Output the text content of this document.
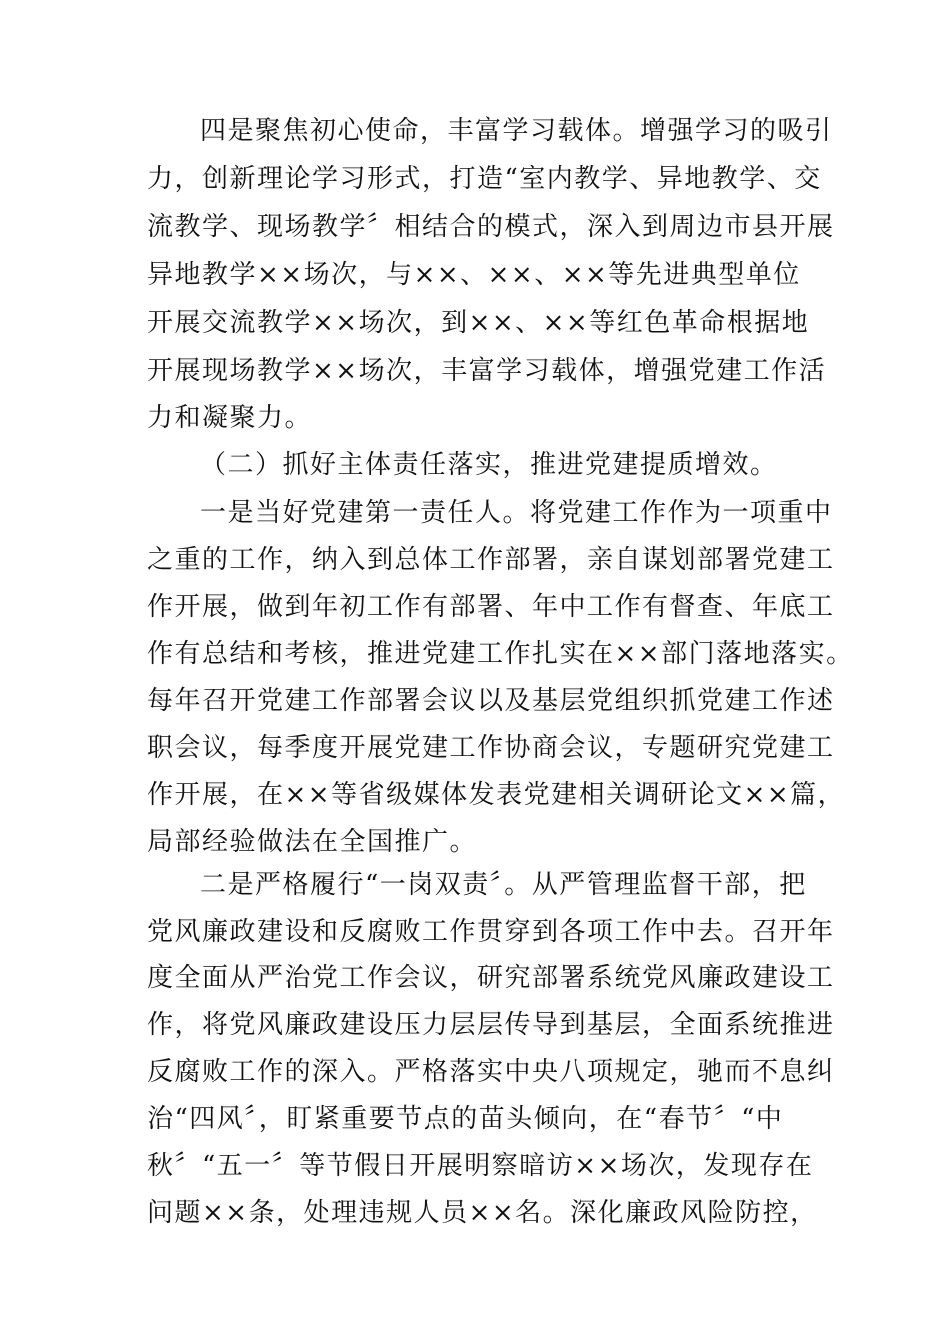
四是聚焦初心使命，丰富学习载体。增强学习的吸引
力，创新理论学习形式，打造“室内教学、异地教学、交
流教学、现场教学〞相结合的模式，深入到周边市县开展
异地教学××场次，与××、××、××等先进典型单位
开展交流教学××场次，到××、××等红色革命根据地
开展现场教学××场次，丰富学习载体，增强党建工作活
力和凝聚力。
（二）抓好主体责任落实，推进党建提质增效。
一是当好党建第一责任人。将党建工作作为一项重中
之重的工作，纳入到总体工作部署，亲自谋划部署党建工
作开展，做到年初工作有部署、年中工作有督查、年底工
作有总结和考核，推进党建工作扎实在××部门落地落实。
每年召开党建工作部署会议以及基层党组织抓党建工作述
职会议，每季度开展党建工作协商会议，专题研究党建工
作开展，在××等省级媒体发表党建相关调研论文××篇，
局部经验做法在全国推广。
二是严格履行“一岗双责〞。从严管理监督干部，把
党风廉政建设和反腐败工作贯穿到各项工作中去。召开年
度全面从严治党工作会议，研究部署系统党风廉政建设工
作，将党风廉政建设压力层层传导到基层，全面系统推进
反腐败工作的深入。严格落实中央八项规定，驰而不息纠
治“四风〞，盯紧重要节点的苗头倾向，在“春节〞“中
秋〞“五一〞等节假日开展明察暗访××场次，发现存在
问题××条，处理违规人员××名。深化廉政风险防控，
